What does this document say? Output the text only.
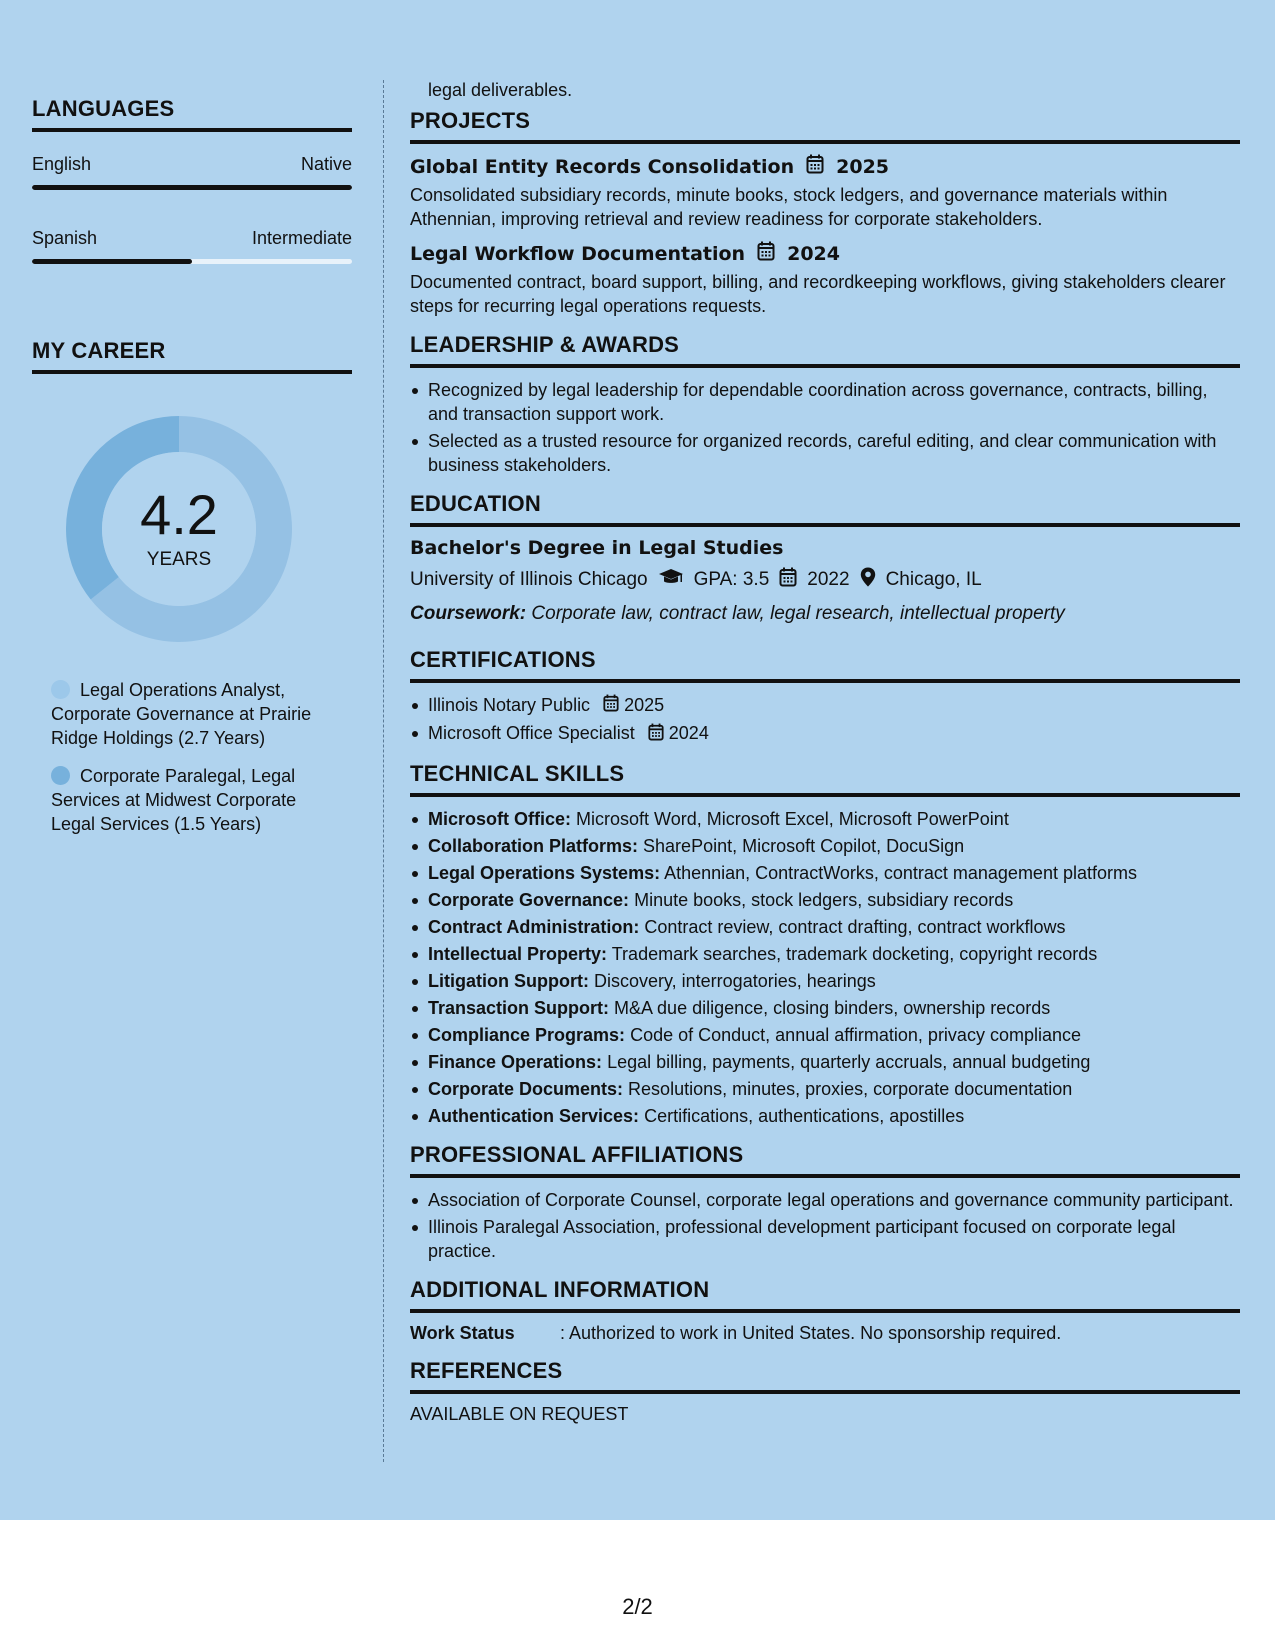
LANGUAGES
English	Native
Spanish	Intermediate
MY CAREER
4.2
YEARS
Legal Operations Analyst, Corporate Governance at Prairie Ridge Holdings (2.7 Years)
Corporate Paralegal, Legal Services at Midwest Corporate Legal Services (1.5 Years)
legal deliverables.
PROJECTS
Global Entity Records Consolidation 2025
Consolidated subsidiary records, minute books, stock ledgers, and governance materials within Athennian, improving retrieval and review readiness for corporate stakeholders.
Legal Workflow Documentation 2024
Documented contract, board support, billing, and recordkeeping workflows, giving stakeholders clearer steps for recurring legal operations requests.
LEADERSHIP & AWARDS
Recognized by legal leadership for dependable coordination across governance, contracts, billing, and transaction support work.
Selected as a trusted resource for organized records, careful editing, and clear communication with business stakeholders.
EDUCATION
Bachelor's Degree in Legal Studies
University of Illinois Chicago GPA: 3.5 2022 Chicago, IL
Coursework: Corporate law, contract law, legal research, intellectual property
CERTIFICATIONS
Illinois Notary Public 2025
Microsoft Office Specialist 2024
TECHNICAL SKILLS
Microsoft Office: Microsoft Word, Microsoft Excel, Microsoft PowerPoint
Collaboration Platforms: SharePoint, Microsoft Copilot, DocuSign
Legal Operations Systems: Athennian, ContractWorks, contract management platforms
Corporate Governance: Minute books, stock ledgers, subsidiary records
Contract Administration: Contract review, contract drafting, contract workflows
Intellectual Property: Trademark searches, trademark docketing, copyright records
Litigation Support: Discovery, interrogatories, hearings
Transaction Support: M&A due diligence, closing binders, ownership records
Compliance Programs: Code of Conduct, annual affirmation, privacy compliance
Finance Operations: Legal billing, payments, quarterly accruals, annual budgeting
Corporate Documents: Resolutions, minutes, proxies, corporate documentation
Authentication Services: Certifications, authentications, apostilles
PROFESSIONAL AFFILIATIONS
Association of Corporate Counsel, corporate legal operations and governance community participant.
Illinois Paralegal Association, professional development participant focused on corporate legal practice.
ADDITIONAL INFORMATION
Work Status	: Authorized to work in United States. No sponsorship required.
REFERENCES
AVAILABLE ON REQUEST
2/2
